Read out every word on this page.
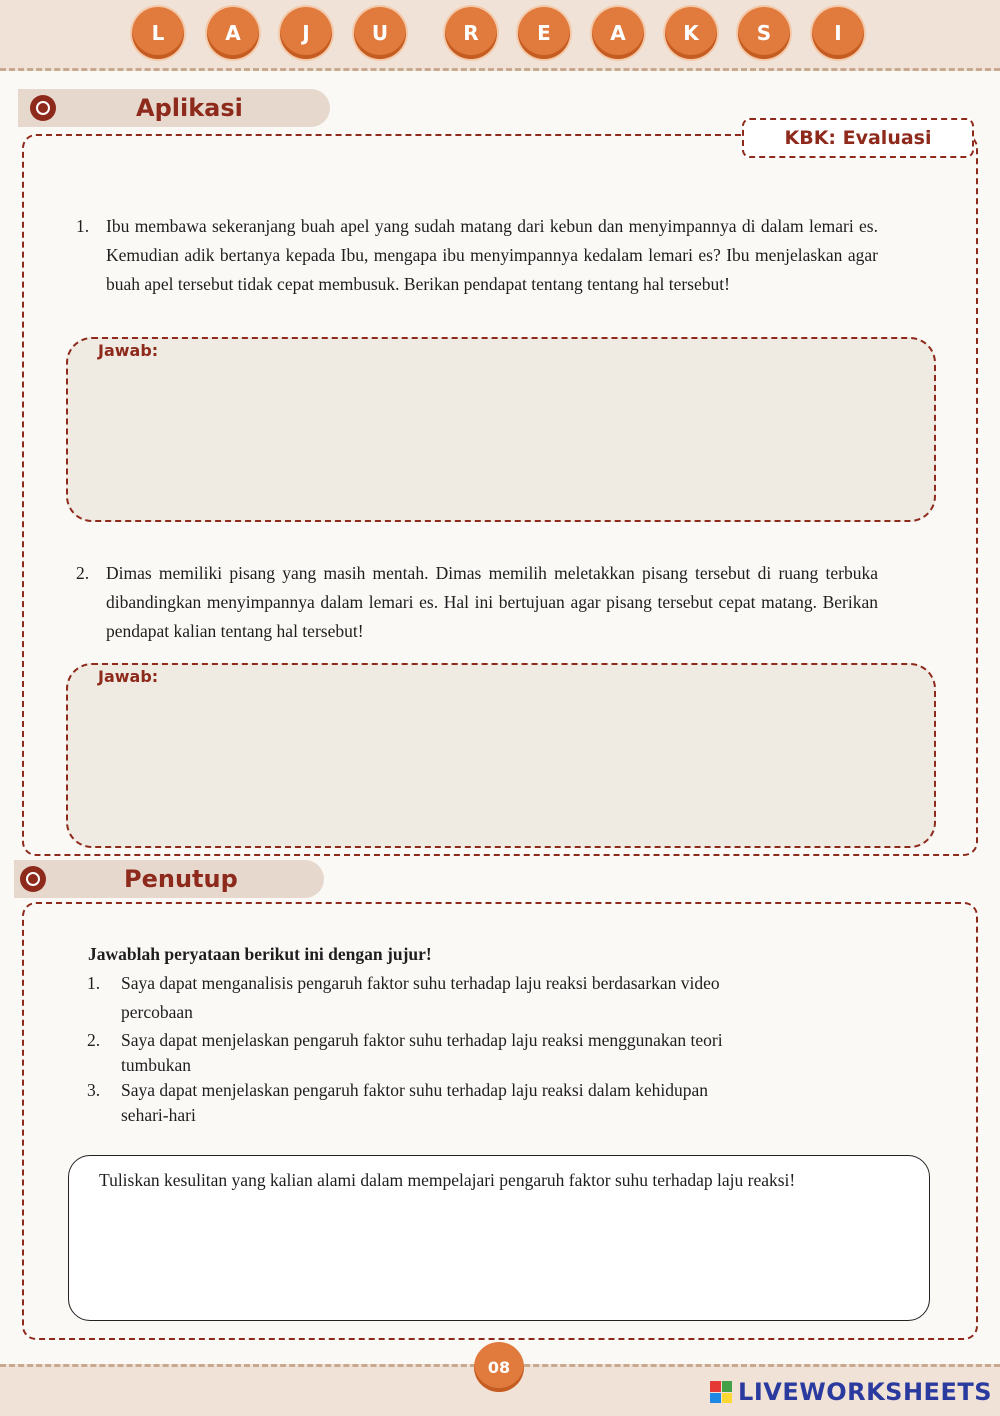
L	A	J	U	R	E	A	K	S	I
Aplikasi
KBK: Evaluasi
1. Ibu membawa sekeranjang buah apel yang sudah matang dari kebun dan menyimpannya di dalam lemari es. Kemudian adik bertanya kepada Ibu, mengapa ibu menyimpannya kedalam lemari es? Ibu menjelaskan agar buah apel tersebut tidak cepat membusuk. Berikan pendapat tentang tentang hal tersebut!
Jawab:
2. Dimas memiliki pisang yang masih mentah. Dimas memilih meletakkan pisang tersebut di ruang terbuka dibandingkan menyimpannya dalam lemari es. Hal ini bertujuan agar pisang tersebut cepat matang. Berikan pendapat kalian tentang hal tersebut!
Jawab:
Penutup
Jawablah peryataan berikut ini dengan jujur!
1. Saya dapat menganalisis pengaruh faktor suhu terhadap laju reaksi berdasarkan video
percobaan
2. Saya dapat menjelaskan pengaruh faktor suhu terhadap laju reaksi menggunakan teori
tumbukan
3. Saya dapat menjelaskan pengaruh faktor suhu terhadap laju reaksi dalam kehidupan
sehari-hari
Tuliskan kesulitan yang kalian alami dalam mempelajari pengaruh faktor suhu terhadap laju reaksi!
08
LIVEWORKSHEETS
